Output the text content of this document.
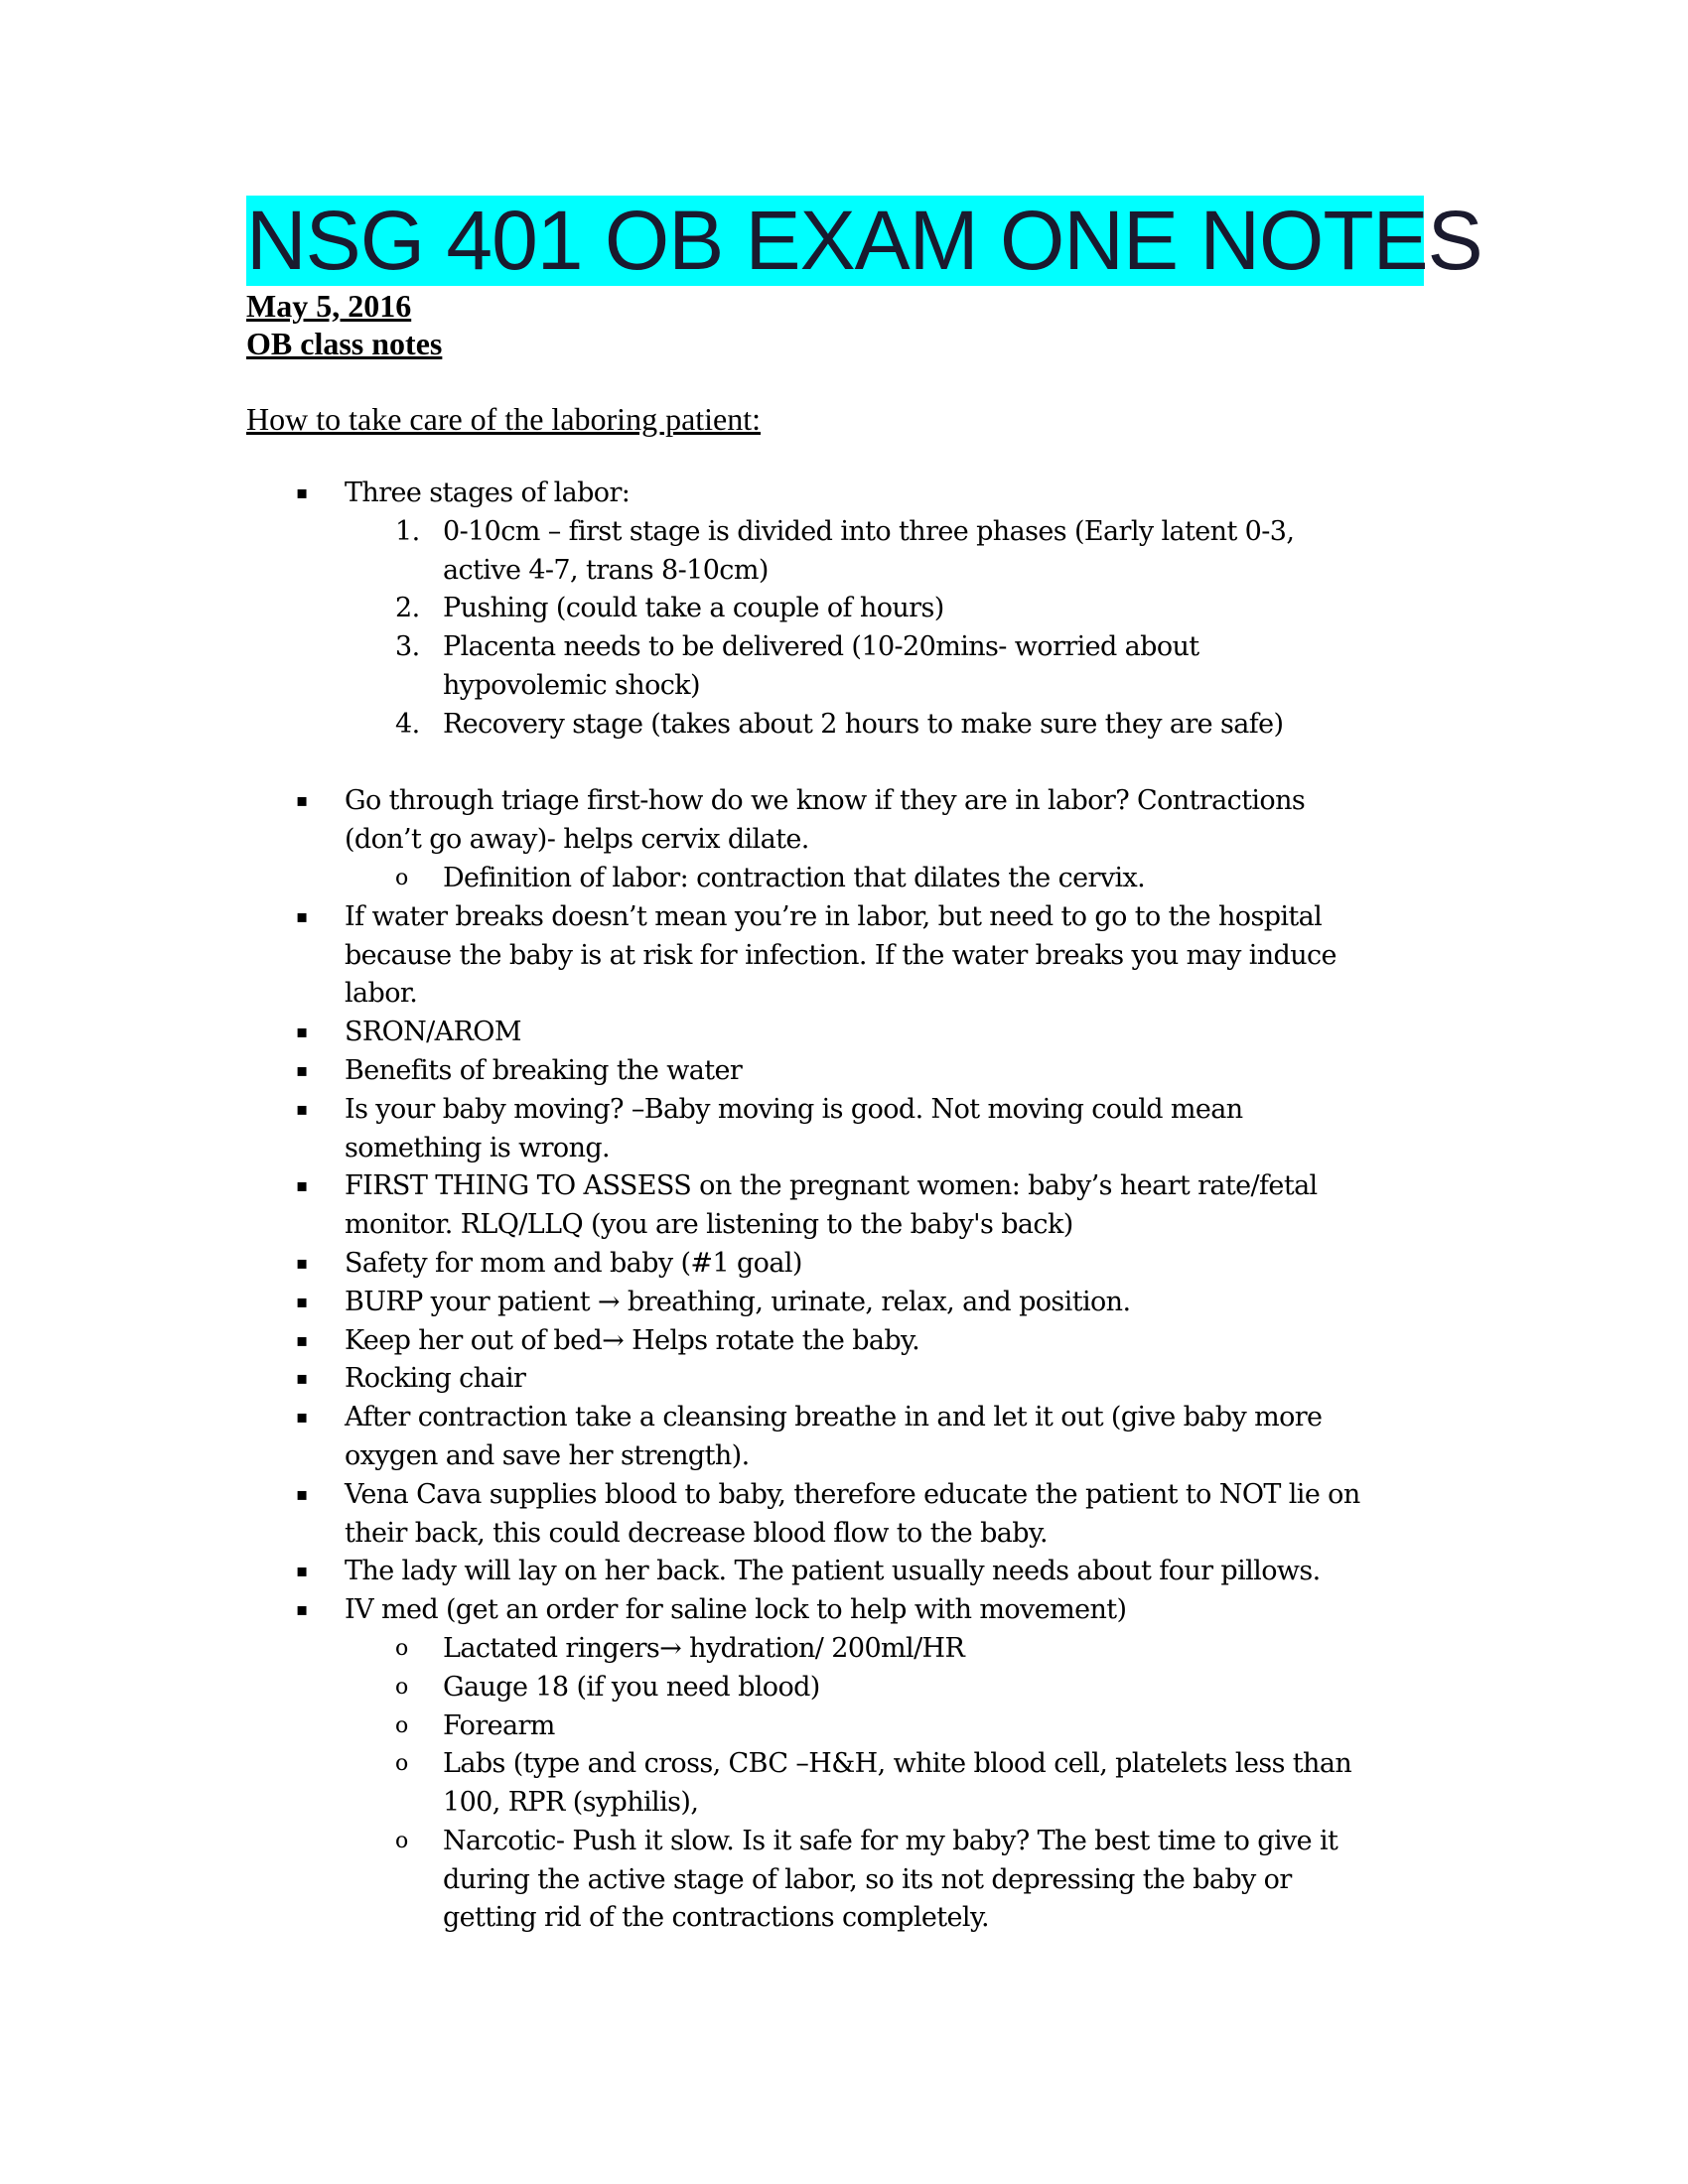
NSG 401 OB EXAM ONE NOTES
May 5, 2016
OB class notes
How to take care of the laboring patient:
▪ Three stages of labor:
1. 0-10cm – first stage is divided into three phases (Early latent 0-3,
active 4-7, trans 8-10cm)
2. Pushing (could take a couple of hours)
3. Placenta needs to be delivered (10-20mins- worried about
hypovolemic shock)
4. Recovery stage (takes about 2 hours to make sure they are safe)
▪ Go through triage first-how do we know if they are in labor? Contractions
(don’t go away)- helps cervix dilate.
o Definition of labor: contraction that dilates the cervix.
▪ If water breaks doesn’t mean you’re in labor, but need to go to the hospital
because the baby is at risk for infection. If the water breaks you may induce
labor.
▪ SRON/AROM
▪ Benefits of breaking the water
▪ Is your baby moving? –Baby moving is good. Not moving could mean
something is wrong.
▪ FIRST THING TO ASSESS on the pregnant women: baby’s heart rate/fetal
monitor. RLQ/LLQ (you are listening to the baby's back)
▪ Safety for mom and baby (#1 goal)
▪ BURP your patient → breathing, urinate, relax, and position.
▪ Keep her out of bed→ Helps rotate the baby.
▪ Rocking chair
▪ After contraction take a cleansing breathe in and let it out (give baby more
oxygen and save her strength).
▪ Vena Cava supplies blood to baby, therefore educate the patient to NOT lie on
their back, this could decrease blood flow to the baby.
▪ The lady will lay on her back. The patient usually needs about four pillows.
▪ IV med (get an order for saline lock to help with movement)
o Lactated ringers→ hydration/ 200ml/HR
o Gauge 18 (if you need blood)
o Forearm
o Labs (type and cross, CBC –H&H, white blood cell, platelets less than
100, RPR (syphilis),
o Narcotic- Push it slow. Is it safe for my baby? The best time to give it
during the active stage of labor, so its not depressing the baby or
getting rid of the contractions completely.
